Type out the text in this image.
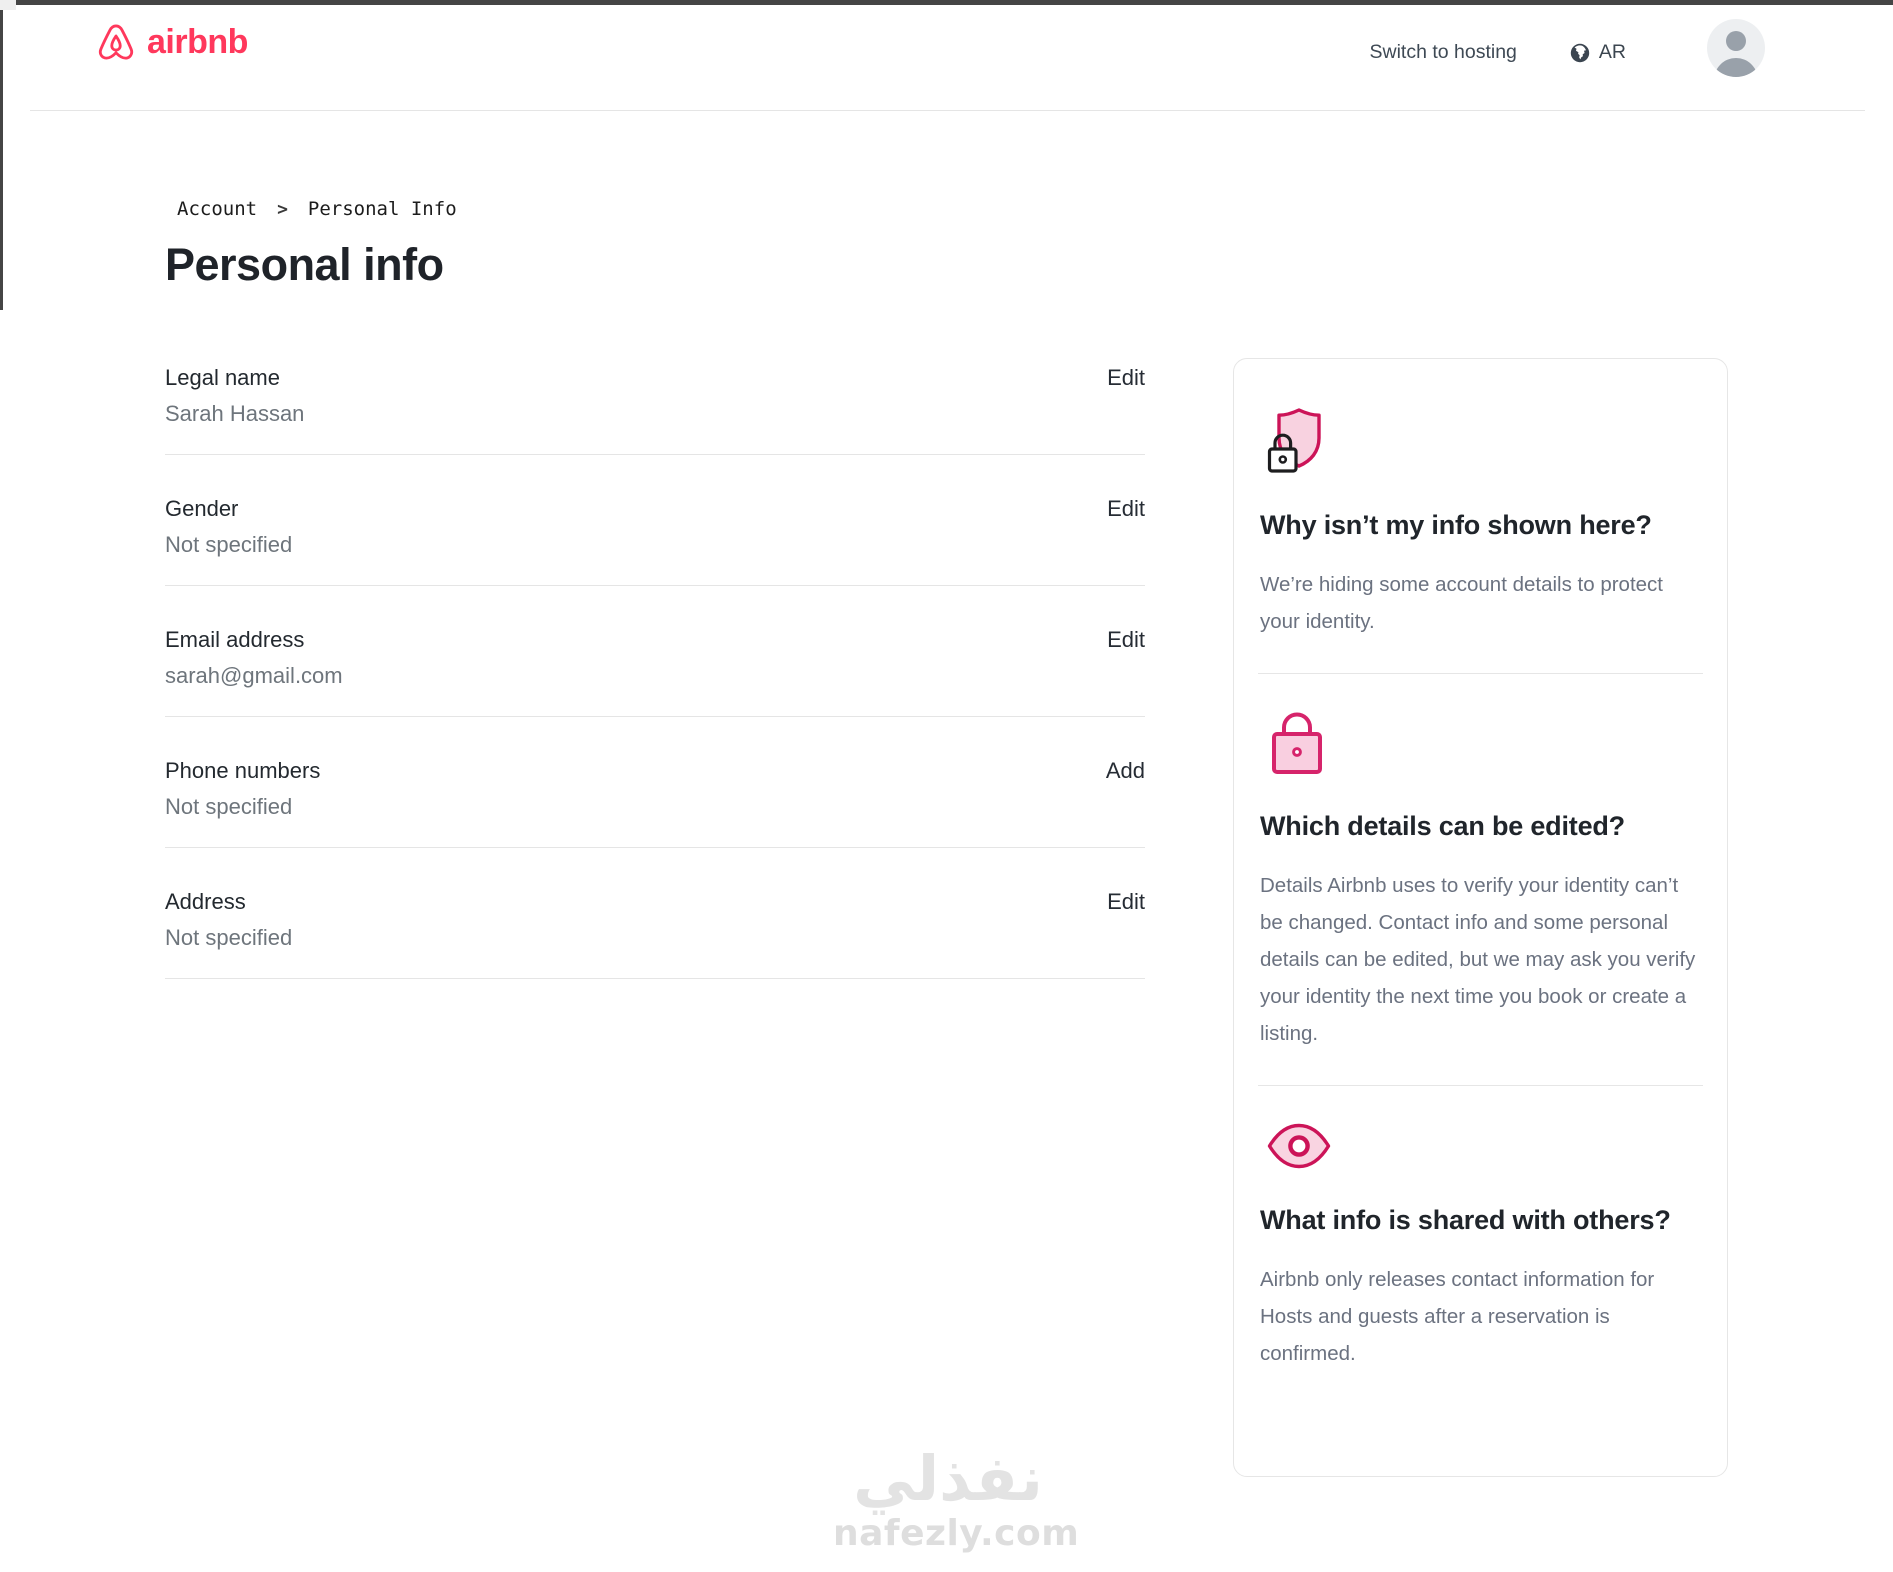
airbnb	Switch to hosting	AR
Account > Personal Info
Personal info
Legal name
Sarah Hassan
Edit
Gender
Not specified
Edit
Email address
sarah@gmail.com
Edit
Phone numbers
Not specified
Add
Address
Not specified
Edit
Why isn’t my info shown here?

We’re hiding some account details to protect your identity.

Which details can be edited?

Details Airbnb uses to verify your identity can’t be changed. Contact info and some personal details can be edited, but we may ask you verify your identity the next time you book or create a listing.

What info is shared with others?

Airbnb only releases contact information for Hosts and guests after a reservation is confirmed.

نفذلي
nafezly.com
